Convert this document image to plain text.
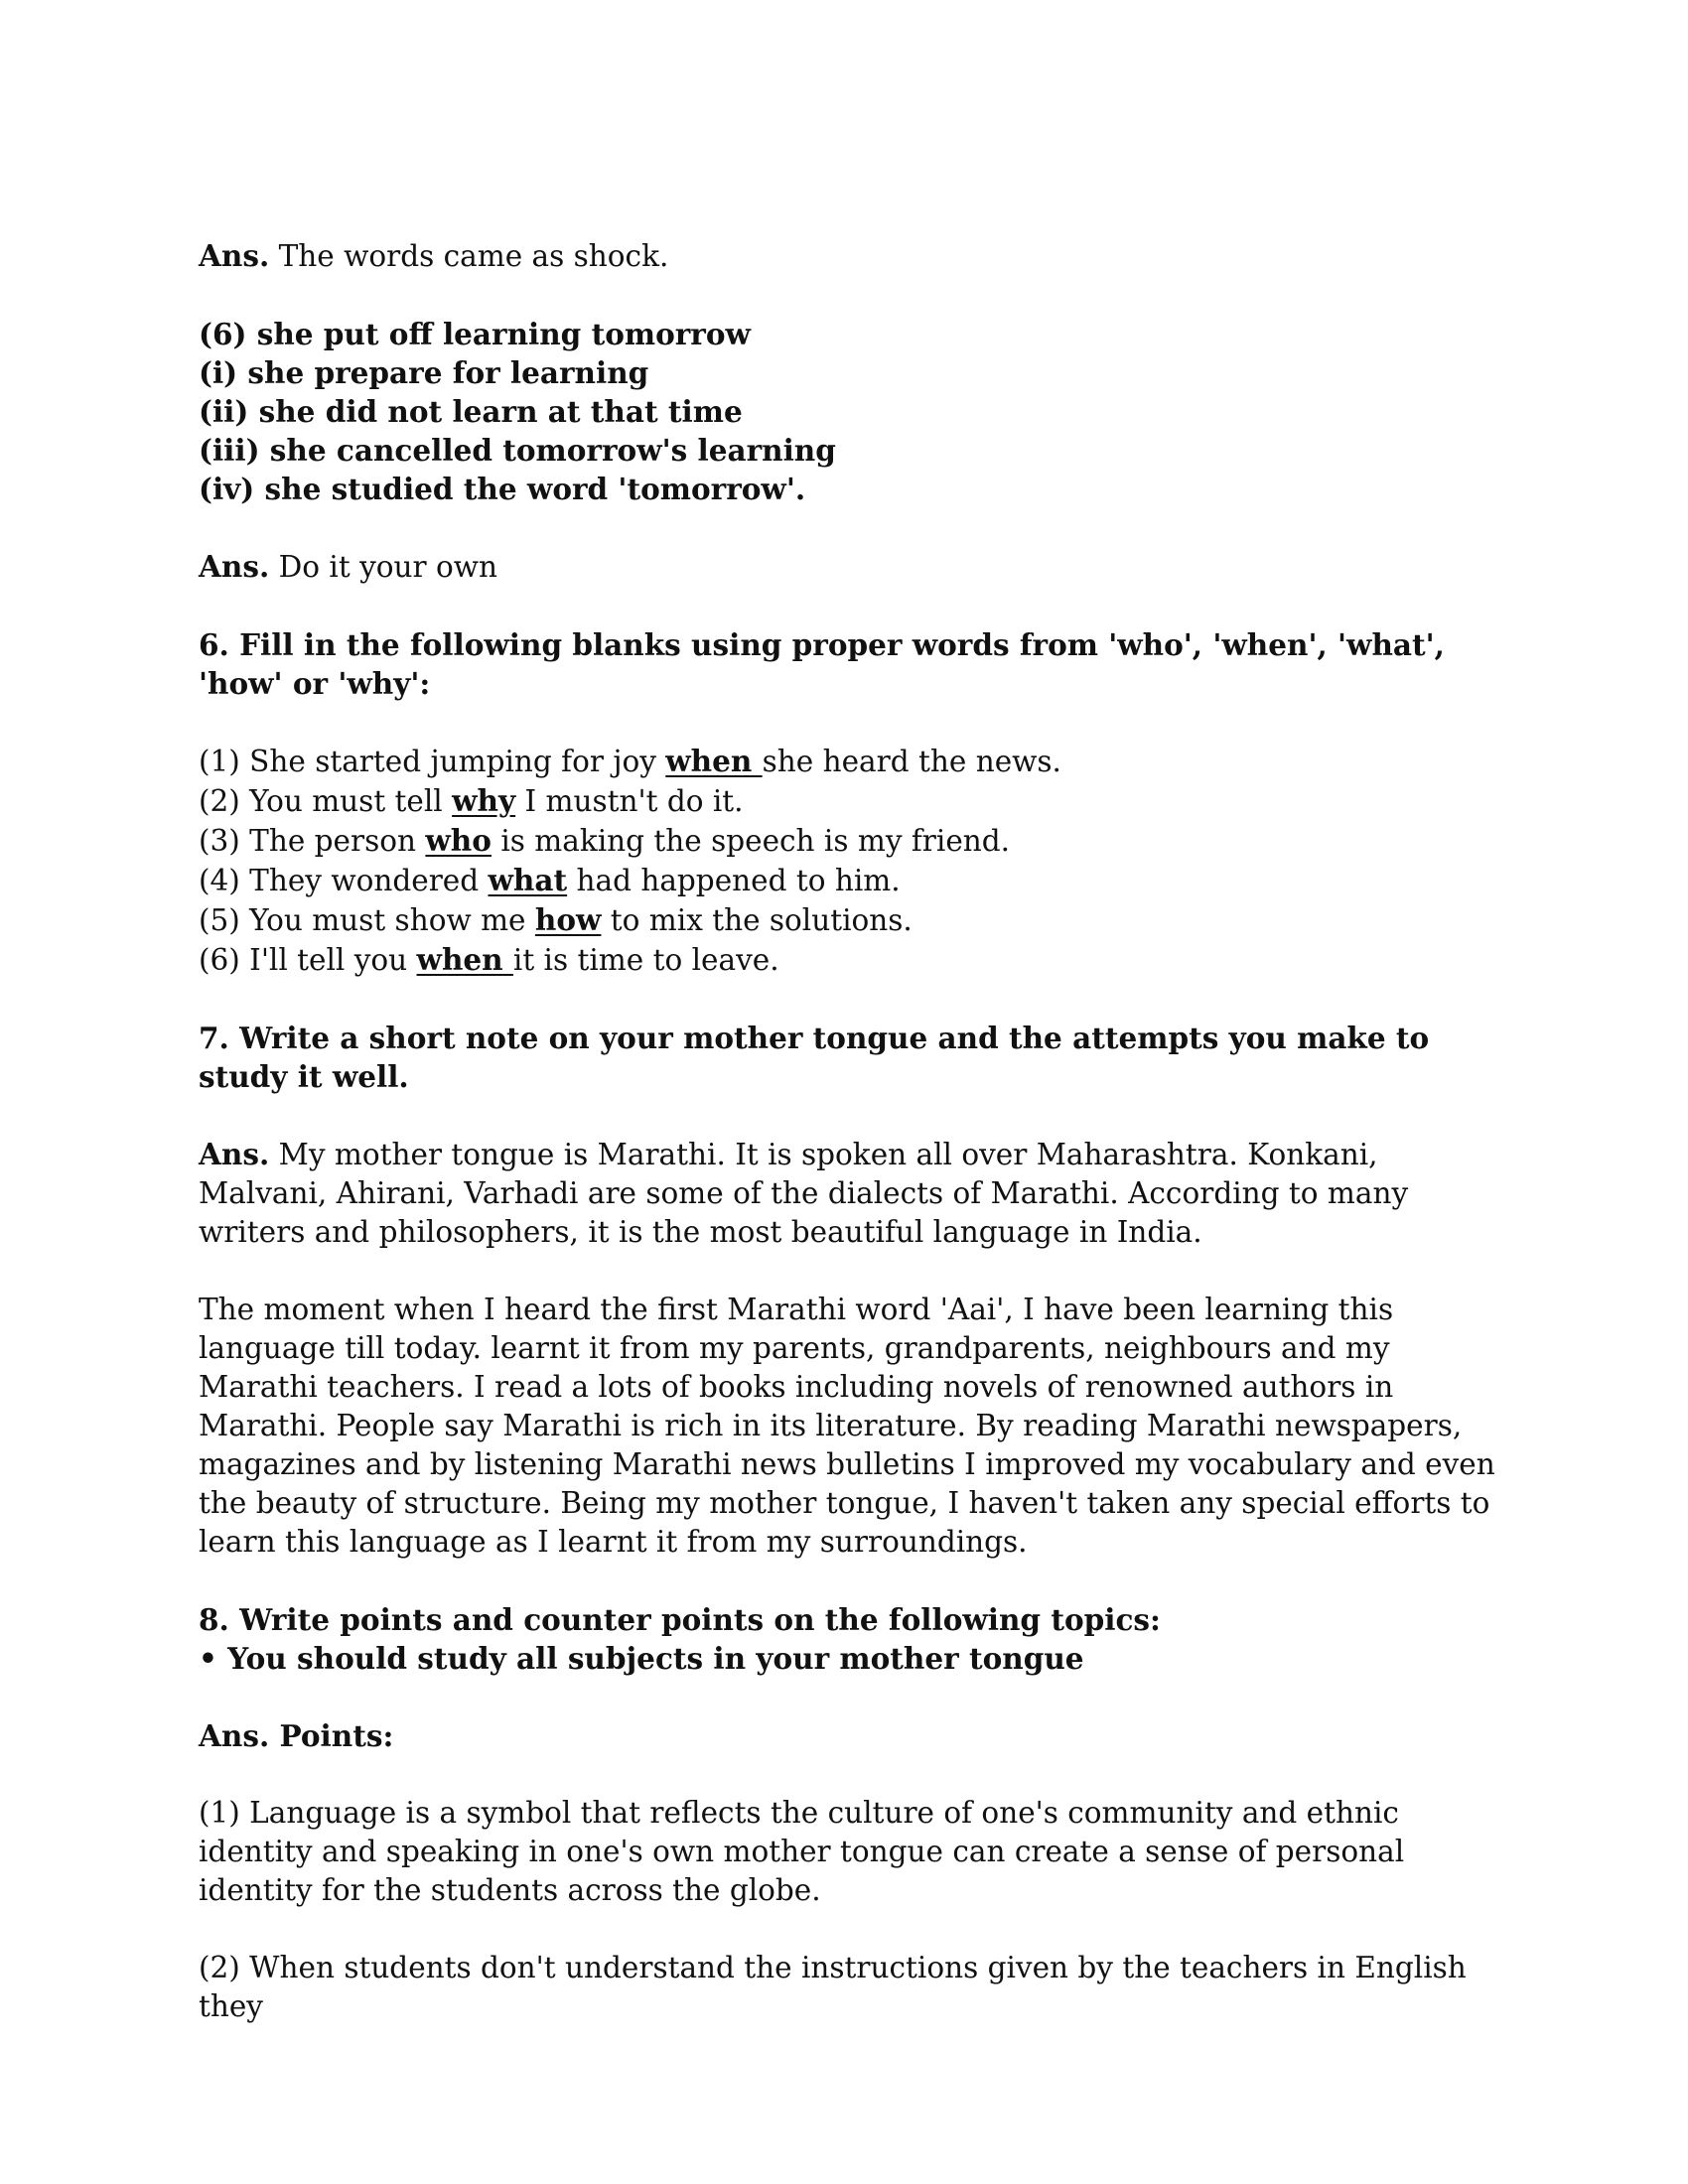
Ans. The words came as shock.

(6) she put off learning tomorrow
(i) she prepare for learning
(ii) she did not learn at that time
(iii) she cancelled tomorrow's learning
(iv) she studied the word 'tomorrow'.

Ans. Do it your own

6. Fill in the following blanks using proper words from 'who', 'when', 'what', 'how' or 'why':

(1) She started jumping for joy when she heard the news.
(2) You must tell why I mustn't do it.
(3) The person who is making the speech is my friend.
(4) They wondered what had happened to him.
(5) You must show me how to mix the solutions.
(6) I'll tell you when it is time to leave.

7. Write a short note on your mother tongue and the attempts you make to study it well.

Ans. My mother tongue is Marathi. It is spoken all over Maharashtra. Konkani, Malvani, Ahirani, Varhadi are some of the dialects of Marathi. According to many writers and philosophers, it is the most beautiful language in India.

The moment when I heard the first Marathi word 'Aai', I have been learning this language till today. learnt it from my parents, grandparents, neighbours and my Marathi teachers. I read a lots of books including novels of renowned authors in Marathi. People say Marathi is rich in its literature. By reading Marathi newspapers, magazines and by listening Marathi news bulletins I improved my vocabulary and even the beauty of structure. Being my mother tongue, I haven't taken any special efforts to learn this language as I learnt it from my surroundings.

8. Write points and counter points on the following topics:
• You should study all subjects in your mother tongue

Ans. Points:

(1) Language is a symbol that reflects the culture of one's community and ethnic identity and speaking in one's own mother tongue can create a sense of personal identity for the students across the globe.

(2) When students don't understand the instructions given by the teachers in English they
